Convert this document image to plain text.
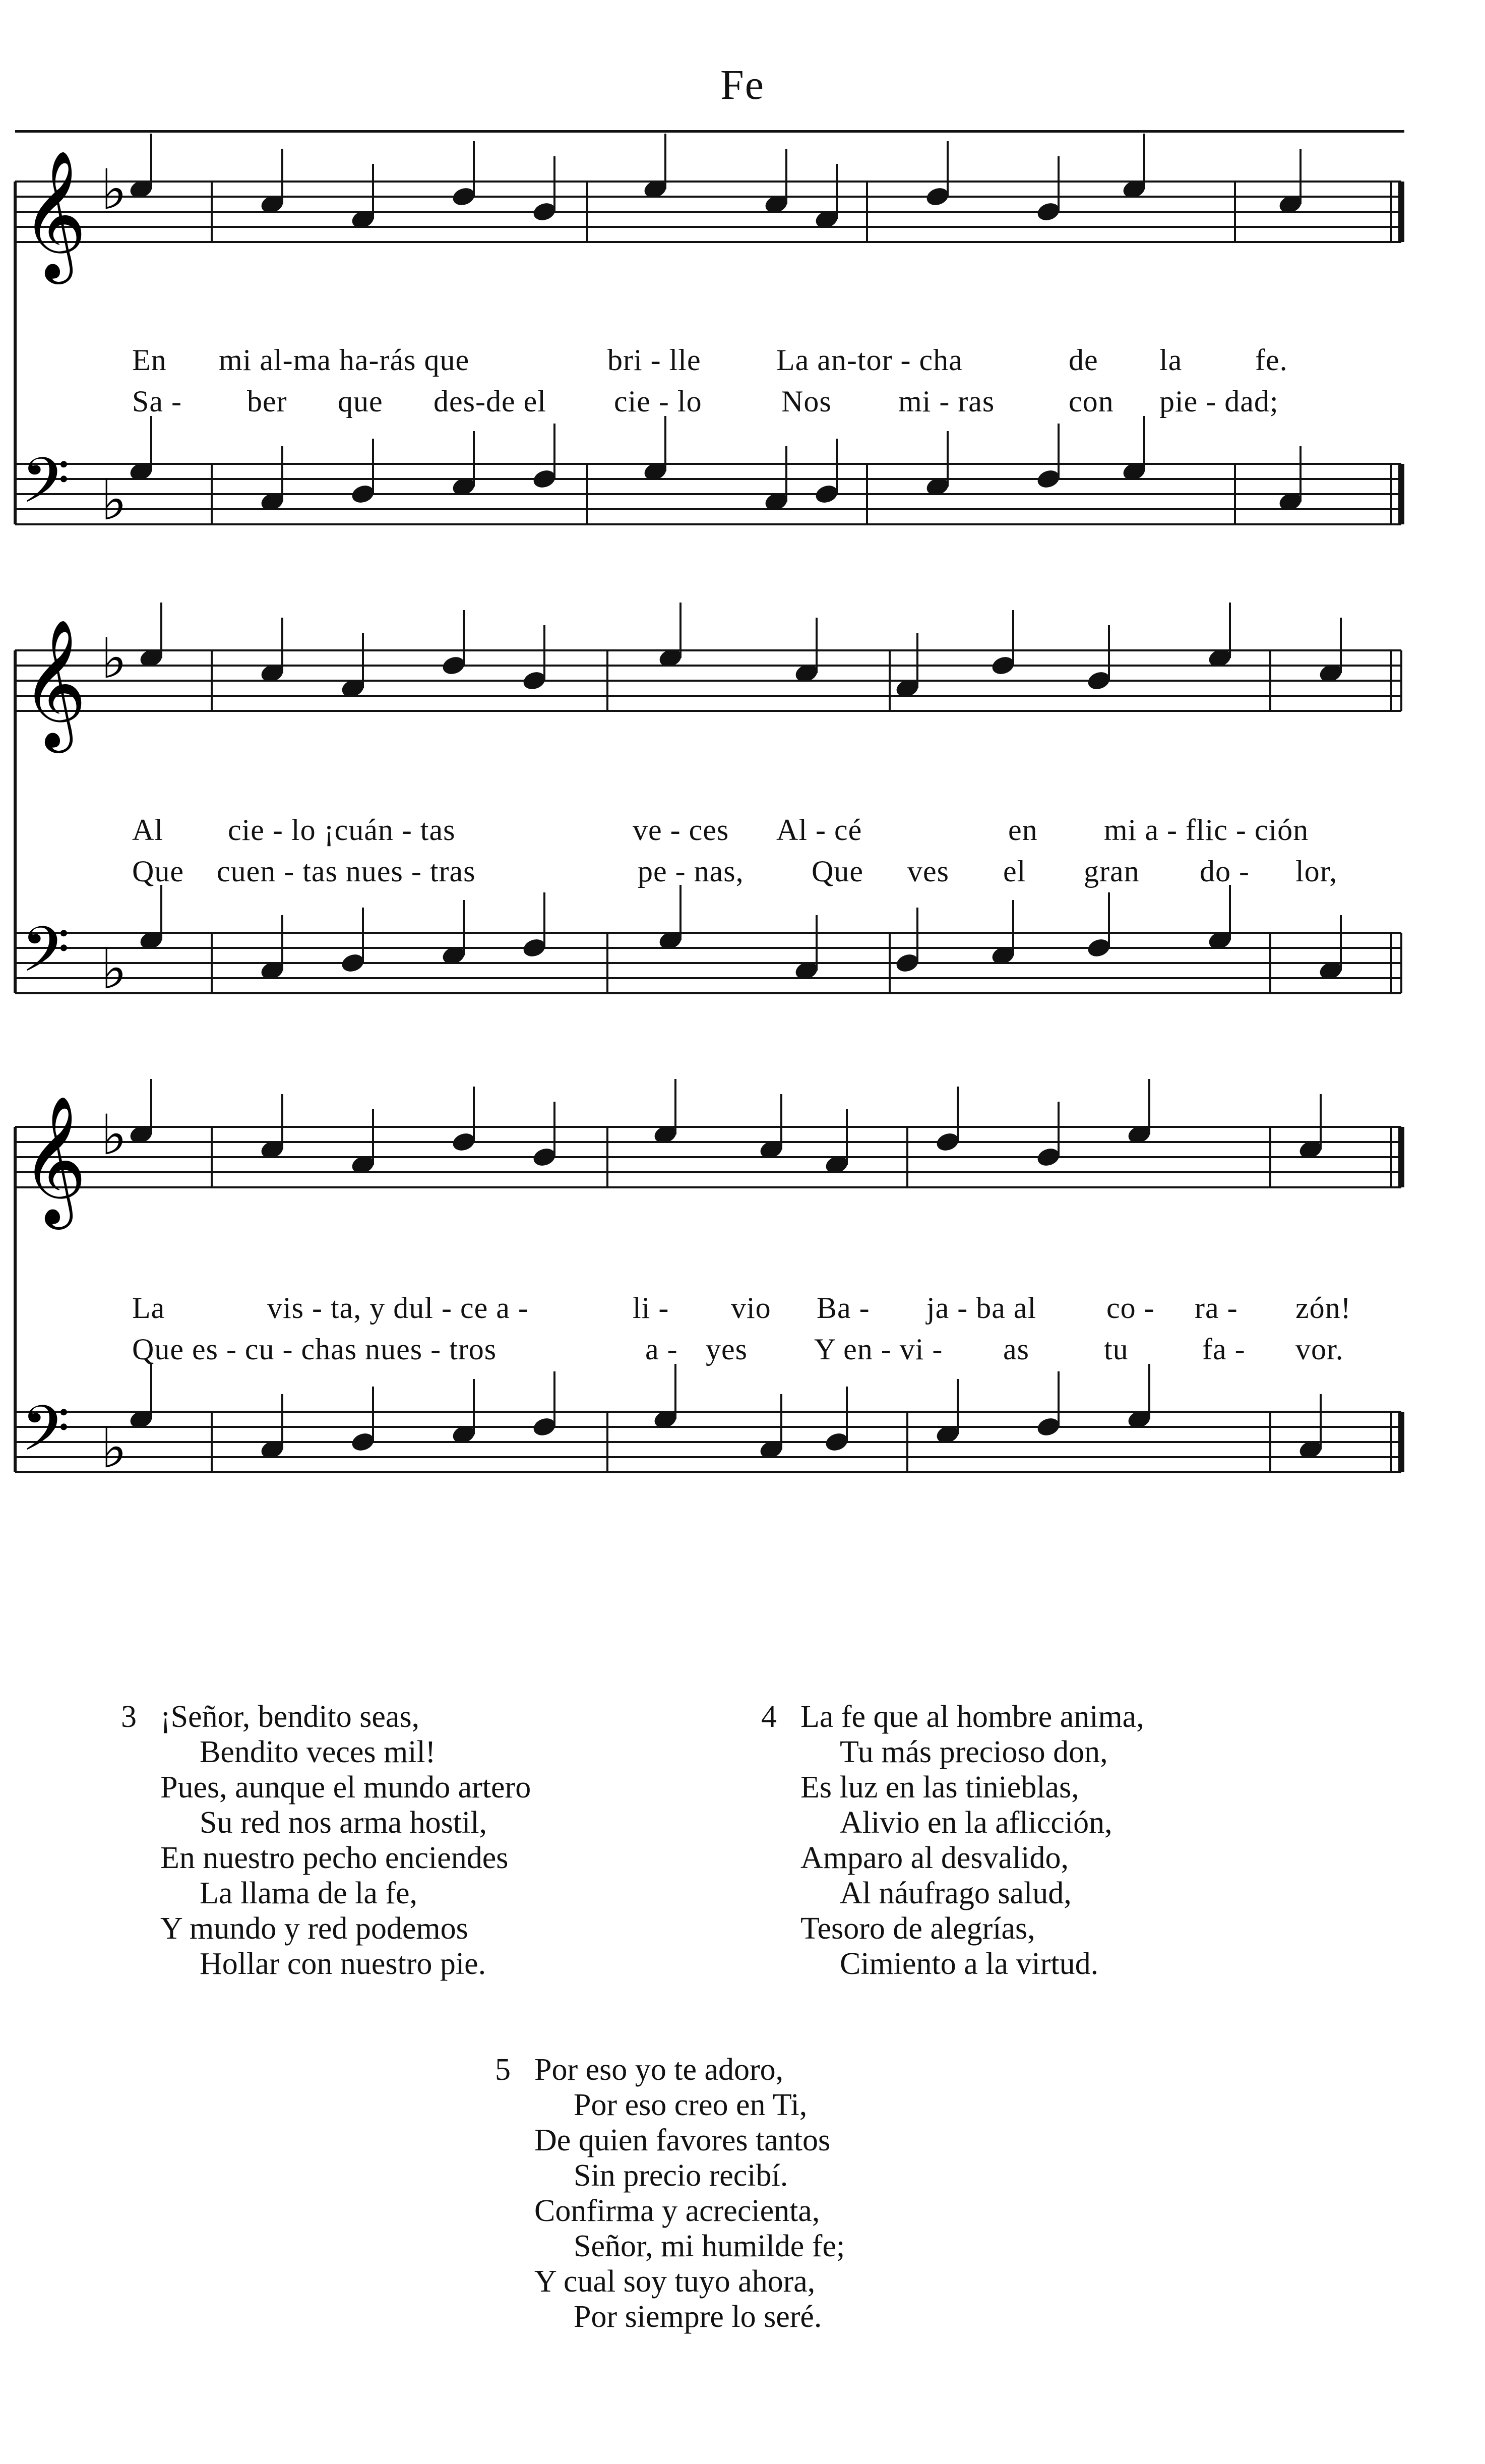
Fe
𝄞 ♭
𝄢 ♭
𝄞 ♭
𝄢 ♭
𝄞 ♭
𝄢 ♭
En mi al-ma ha-rás que	bri - lle La an-tor - cha	de la fe.
Sa - ber que des-de el cie - lo	Nos mi - ras con pie - dad;
Al cie - lo ¡cuán - tas	ve - ces Al - cé	en mi a - flic - ción
Que cuen - tas nues - tras	pe - nas, Que ves el gran do - lor,
La	vis - ta, y dul - ce a -	li - vio Ba - ja - ba al co - ra - zón!
Que es - cu - chas nues - tros	a - yes Y en - vi - as tu fa - vor.
3 ¡Señor, bendito seas,
Bendito veces mil!
Pues, aunque el mundo artero
Su red nos arma hostil,
En nuestro pecho enciendes
La llama de la fe,
Y mundo y red podemos
Hollar con nuestro pie.
4 La fe que al hombre anima,
Tu más precioso don,
Es luz en las tinieblas,
Alivio en la aflicción,
Amparo al desvalido,
Al náufrago salud,
Tesoro de alegrías,
Cimiento a la virtud.
5 Por eso yo te adoro,
Por eso creo en Ti,
De quien favores tantos
Sin precio recibí.
Confirma y acrecienta,
Señor, mi humilde fe;
Y cual soy tuyo ahora,
Por siempre lo seré.
